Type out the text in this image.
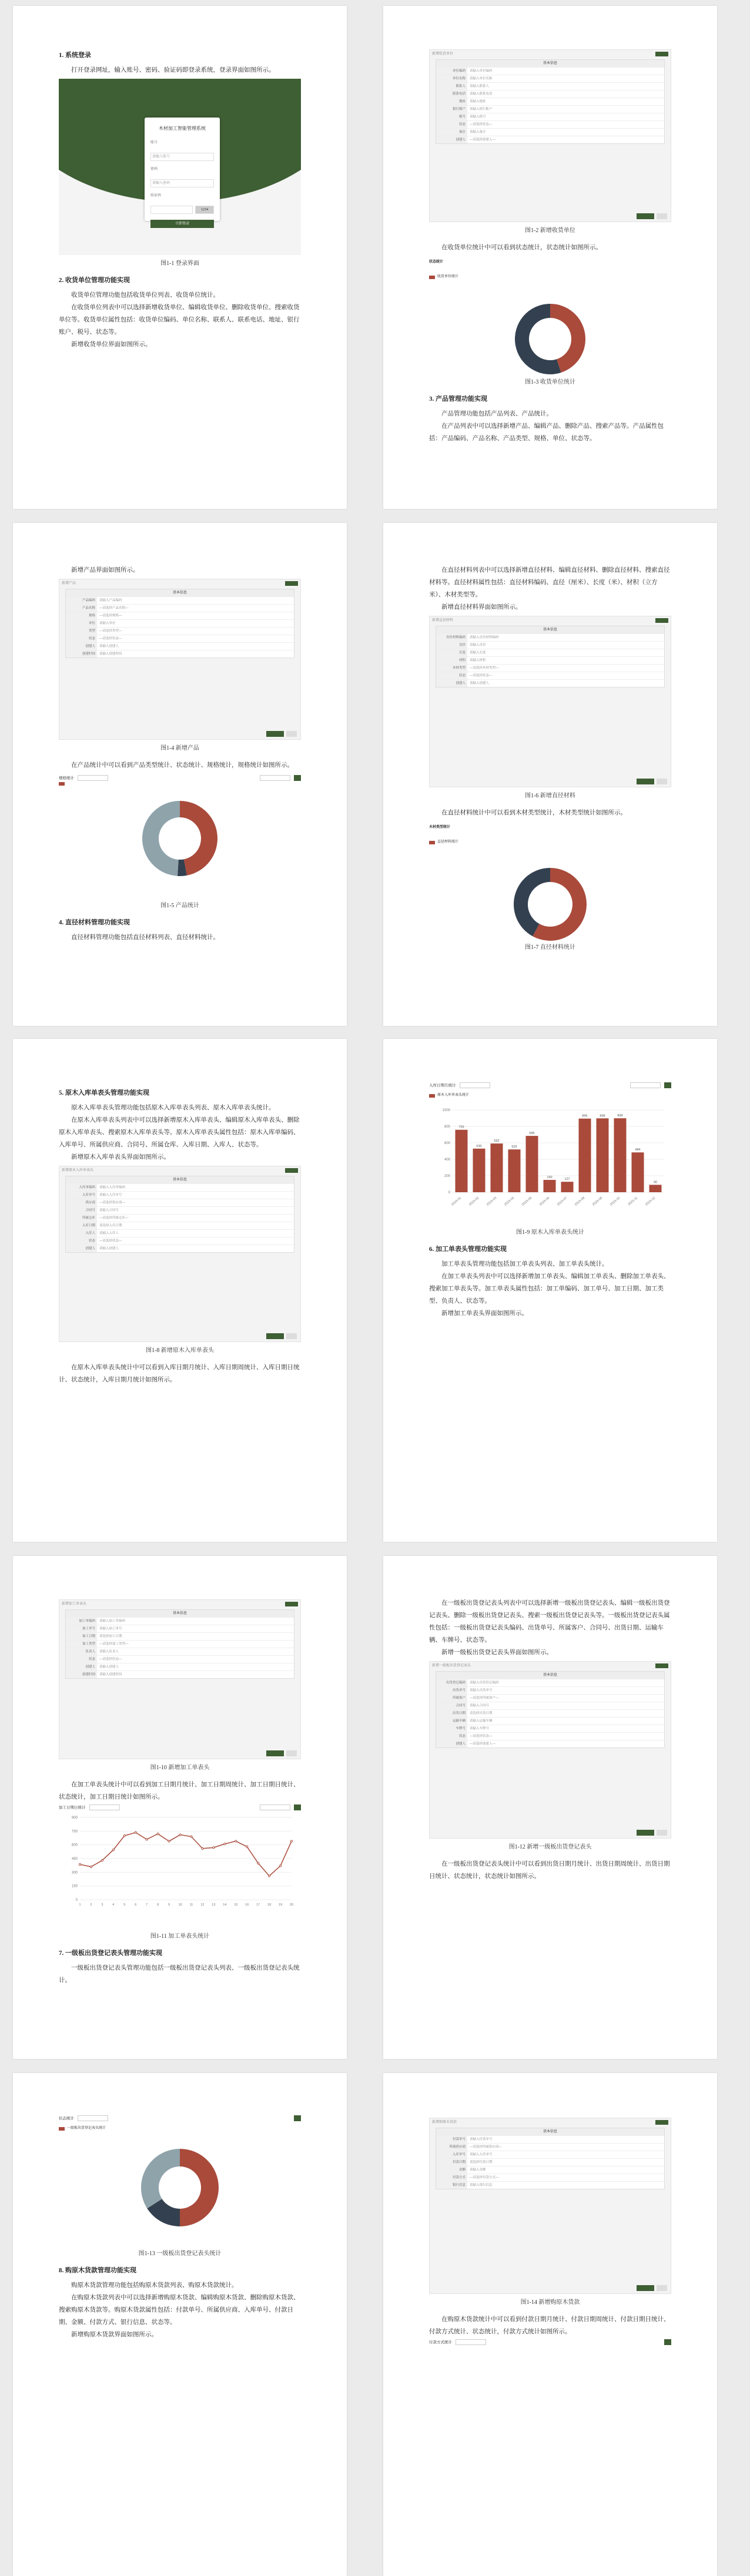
1. 系统登录

打开登录网址，输入账号、密码、验证码即登录系统，登录界面如图所示。

木材加工智能管理系统
账号
请输入账号
密码
请输入密码
验证码
1234
立即登录
图1-1 登录界面
2. 收货单位管理功能实现

收货单位管理功能包括收货单位列表、收货单位统计。

在收货单位列表中可以选择新增收货单位、编辑收货单位、删除收货单位、搜索收货单位等。收货单位属性包括：收货单位编码、单位名称、联系人、联系电话、地址、银行账户、税号、状态等。

新增收货单位界面如图所示。

新增收货单位
基本信息
单位编码	请输入单位编码
单位名称	请输入单位名称
联系人	请输入联系人
联系电话	请输入联系电话
地址	请输入地址
银行账户	请输入银行账户
税号	请输入税号
状态	—请选择状态—
备注	请输入备注
创建人	—请选择创建人—
图1-2 新增收货单位

在收货单位统计中可以看到状态统计，状态统计如图所示。

状态统计
收货单位统计
图1-3 收货单位统计
3. 产品管理功能实现

产品管理功能包括产品列表、产品统计。

在产品列表中可以选择新增产品、编辑产品、删除产品、搜索产品等。产品属性包括：产品编码、产品名称、产品类型、规格、单位、状态等。

新增产品界面如图所示。

新增产品
基本信息
产品编码	请输入产品编码
产品名称	—请选择产品名称—
规格	—请选择规格—
单位	请输入单位
类型	—请选择类型—
状态	—请选择状态—
创建人	请输入创建人
创建时间	请输入创建时间
图1-4 新增产品

在产品统计中可以看到产品类型统计、状态统计、规格统计，规格统计如图所示。

规格统计
图1-5 产品统计
4. 直径材料管理功能实现

直径材料管理功能包括直径材料列表、直径材料统计。

在直径材料列表中可以选择新增直径材料、编辑直径材料、删除直径材料、搜索直径材料等。直径材料属性包括：直径材料编码、直径（厘米）、长度（米）、材积（立方米）、木材类型等。

新增直径材料界面如图所示。

新增直径材料
基本信息
直径材料编码	请输入直径材料编码
直径	请输入直径
长度	请输入长度
材积	请输入材积
木材类型	—请选择木材类型—
状态	—请选择状态—
创建人	请输入创建人
图1-6 新增直径材料

在直径材料统计中可以看到木材类型统计，木材类型统计如图所示。

木材类型统计
直径材料统计
图1-7 直径材料统计
5. 原木入库单表头管理功能实现

原木入库单表头管理功能包括原木入库单表头列表、原木入库单表头统计。

在原木入库单表头列表中可以选择新增原木入库单表头、编辑原木入库单表头、删除原木入库单表头、搜索原木入库单表头等。原木入库单表头属性包括：原木入库单编码、入库单号、所属供应商、合同号、所属仓库、入库日期、入库人、状态等。

新增原木入库单表头界面如图所示。

新增原木入库单表头
基本信息
入库单编码	请输入入库单编码
入库单号	请输入入库单号
供应商	—请选择供应商—
合同号	请输入合同号
所属仓库	—请选择所属仓库—
入库日期	请选择入库日期
入库人	请输入入库人
状态	—请选择状态—
创建人	请输入创建人
图1-8 新增原木入库单表头

在原木入库单表头统计中可以看到入库日期月统计、入库日期周统计、入库日期日统计、状态统计，入库日期月统计如图所示。

入库日期月统计
原木入库单表头统计
0
200
400
600
800
1000
759
2023-01
530
2023-02
592
2023-03
520
2023-04
685
2023-05
150
2023-06
127
2023-07
895
2023-08
898
2023-09
899
2023-10
484
2023-11
90
2023-12
图1-9 原木入库单表头统计
6. 加工单表头管理功能实现

加工单表头管理功能包括加工单表头列表、加工单表头统计。

在加工单表头列表中可以选择新增加工单表头、编辑加工单表头、删除加工单表头、搜索加工单表头等。加工单表头属性包括：加工单编码、加工单号、加工日期、加工类型、负责人、状态等。

新增加工单表头界面如图所示。

新增加工单表头
基本信息
加工单编码	请输入加工单编码
加工单号	请输入加工单号
加工日期	请选择加工日期
加工类型	—请选择加工类型—
负责人	请输入负责人
状态	—请选择状态—
创建人	请输入创建人
创建时间	请输入创建时间
图1-10 新增加工单表头

在加工单表头统计中可以看到加工日期月统计、加工日期周统计、加工日期日统计、状态统计，加工日期日统计如图所示。

加工日期日统计
0
150
300
450
600
750
900
1	2	3	4	5	6	7	8	9	10 11 12 13 14 15 16 17 18 19 20
图1-11 加工单表头统计
7. 一级板出货登记表头管理功能实现

一级板出货登记表头管理功能包括一级板出货登记表头列表、一级板出货登记表头统计。

在一级板出货登记表头列表中可以选择新增一级板出货登记表头、编辑一级板出货登记表头、删除一级板出货登记表头、搜索一级板出货登记表头等。一级板出货登记表头属性包括：一级板出货登记表头编码、出货单号、所属客户、合同号、出货日期、运输车辆、车牌号、状态等。

新增一级板出货登记表头界面如图所示。

新增一级板出货登记表头
基本信息
出货登记编码	请输入出货登记编码
出货单号	请输入出货单号
所属客户	—请选择所属客户—
合同号	请输入合同号
出货日期	请选择出货日期
运输车辆	请输入运输车辆
车牌号	请输入车牌号
状态	—请选择状态—
创建人	—请选择创建人—
图1-12 新增一级板出货登记表头

在一级板出货登记表头统计中可以看到出货日期月统计、出货日期周统计、出货日期日统计、状态统计，状态统计如图所示。

状态统计
一级板出货登记表头统计
图1-13 一级板出货登记表头统计
8. 购原木货款管理功能实现

购原木货款管理功能包括购原木货款列表、购原木货款统计。

在购原木货款列表中可以选择新增购原木货款、编辑购原木货款、删除购原木货款、搜索购原木货款等。购原木货款属性包括：付款单号、所属供应商、入库单号、付款日期、金额、付款方式、银行信息、状态等。

新增购原木货款界面如图所示。

新增购原木货款
基本信息
付款单号	请输入付款单号
所属供应商	—请选择所属供应商—
入库单号	请输入入库单号
付款日期	请选择付款日期
金额	请输入金额
付款方式	—请选择付款方式—
银行信息	请输入银行信息
图1-14 新增购原木货款

在购原木货款统计中可以看到付款日期月统计、付款日期周统计、付款日期日统计、付款方式统计、状态统计，付款方式统计如图所示。

付款方式统计
